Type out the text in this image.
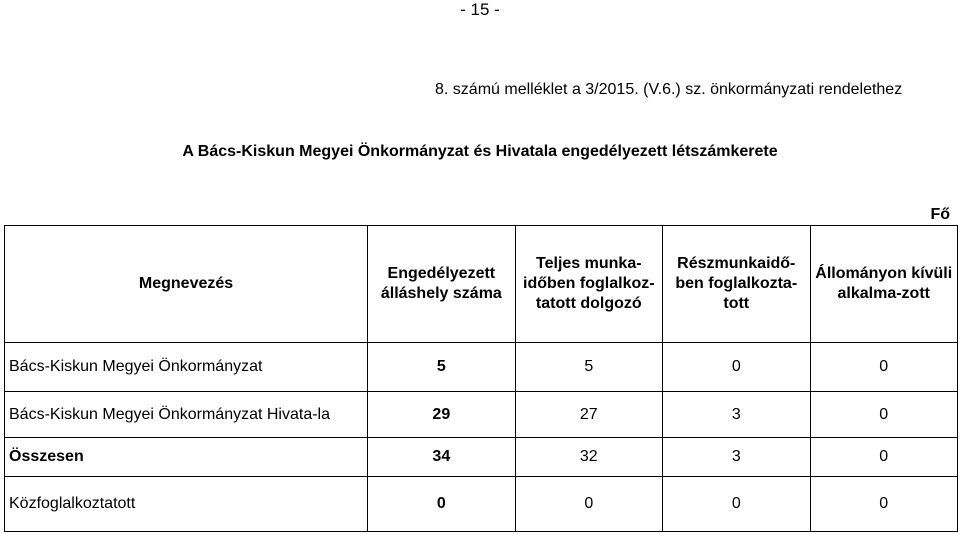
- 15 -
8. számú melléklet a 3/2015. (V.6.) sz. önkormányzati rendelethez
A Bács-Kiskun Megyei Önkormányzat és Hivatala engedélyezett létszámkerete
Fő
Megnevezés	Engedélyezett álláshely száma	Teljes munka-időben foglalkoz-tatott dolgozó	Részmunkaidő-ben foglalkozta-tott	Állományon kívüli alkalma-zott
Bács-Kiskun Megyei Önkormányzat	5	5	0	0
Bács-Kiskun Megyei Önkormányzat Hivata-la	29	27	3	0
Összesen	34	32	3	0
Közfoglalkoztatott	0	0	0	0
